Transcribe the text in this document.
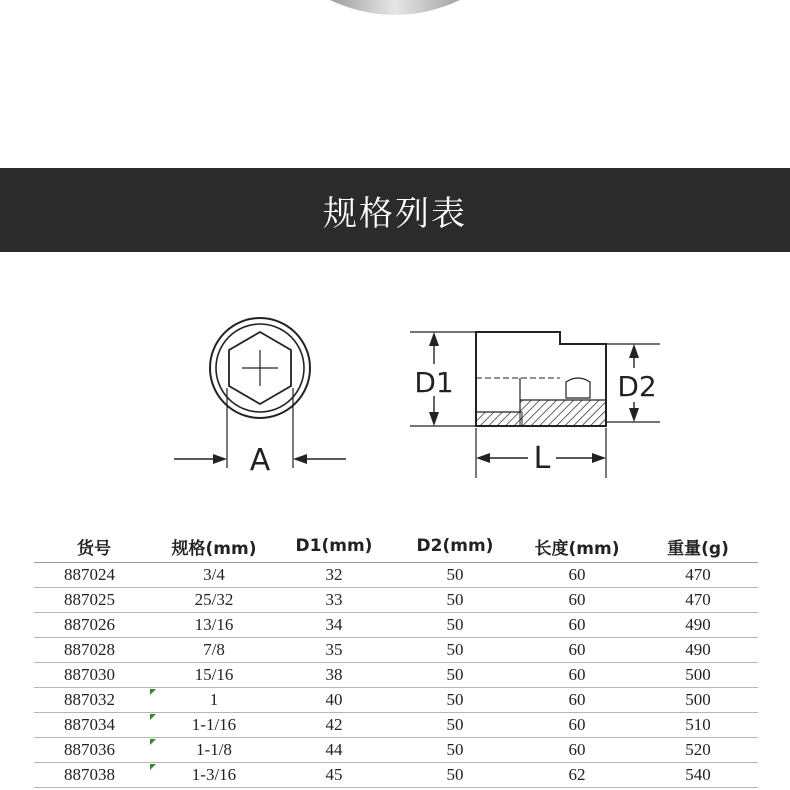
规格列表
A
D1	D2
L
货号	规格(mm)	D1(mm)	D2(mm)	长度(mm)	重量(g)
887024	3/4	32	50	60	470
887025	25/32	33	50	60	470
887026	13/16	34	50	60	490
887028	7/8	35	50	60	490
887030	15/16	38	50	60	500
887032	1	40	50	60	500
887034	1-1/16	42	50	60	510
887036	1-1/8	44	50	60	520
887038	1-3/16	45	50	62	540
